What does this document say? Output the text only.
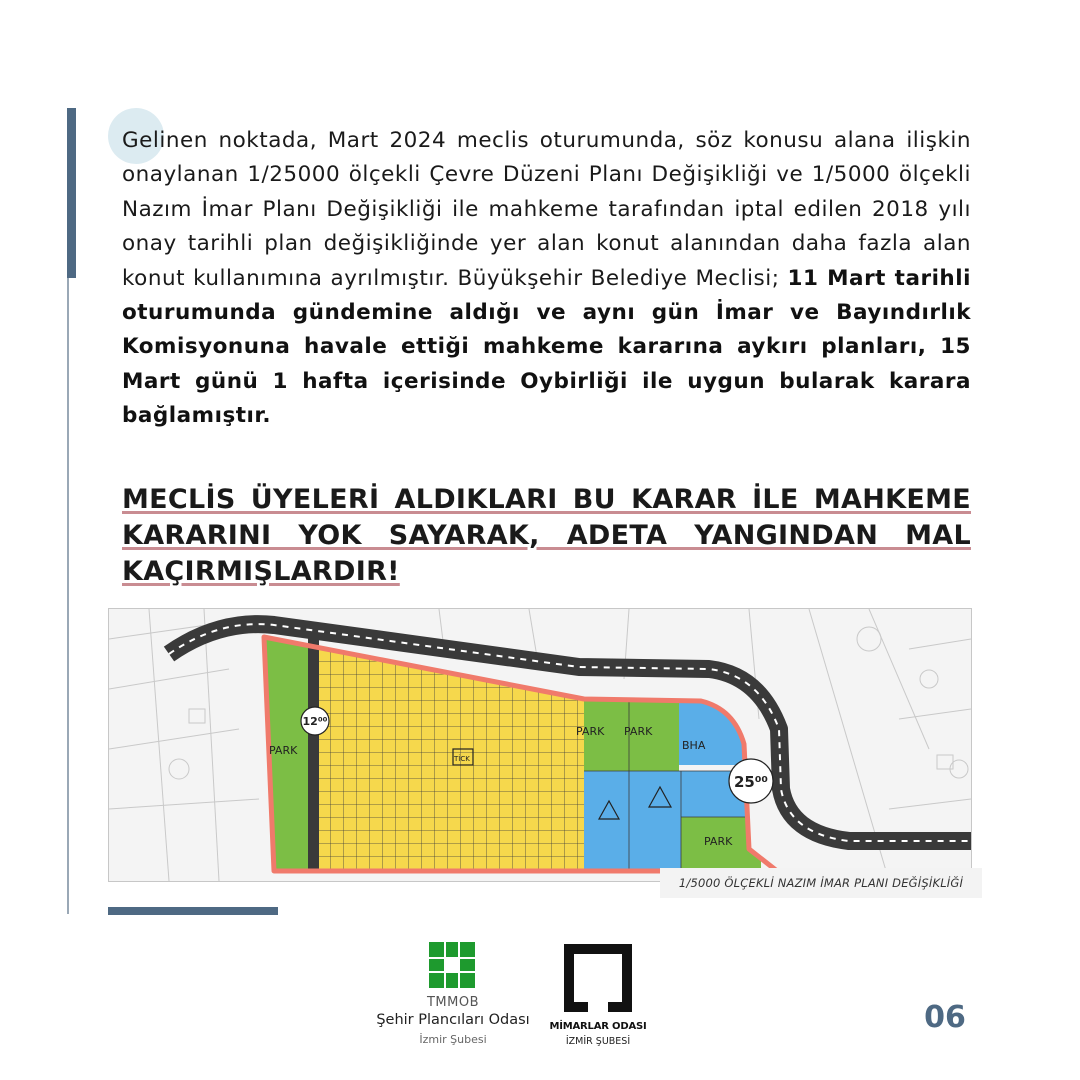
Gelinen noktada, Mart 2024 meclis oturumunda, söz konusu alana ilişkin onaylanan 1/25000 ölçekli Çevre Düzeni Planı Değişikliği ve 1/5000 ölçekli Nazım İmar Planı Değişikliği ile mahkeme tarafından iptal edilen 2018 yılı onay tarihli plan değişikliğinde yer alan konut alanından daha fazla alan konut kullanımına ayrılmıştır. Büyükşehir Belediye Meclisi; 11 Mart tarihli oturumunda gündemine aldığı ve aynı gün İmar ve Bayındırlık Komisyonuna havale ettiği mahkeme kararına aykırı planları, 15 Mart günü 1 hafta içerisinde Oybirliği ile uygun bularak karara bağlamıştır.

MECLİS ÜYELERİ ALDIKLARI BU KARAR İLE MAHKEME KARARINI YOK SAYARAK, ADETA YANGINDAN MAL KAÇIRMIŞLARDIR!

PARK
PARK PARK
BHA
PARK
TİCK
12⁰⁰
25⁰⁰
1/5000 ÖLÇEKLİ NAZIM İMAR PLANI DEĞİŞİKLİĞİ
TMMOB
Şehir Plancıları Odası
İzmir Şubesi
MİMARLAR ODASI
İZMİR ŞUBESİ
06
